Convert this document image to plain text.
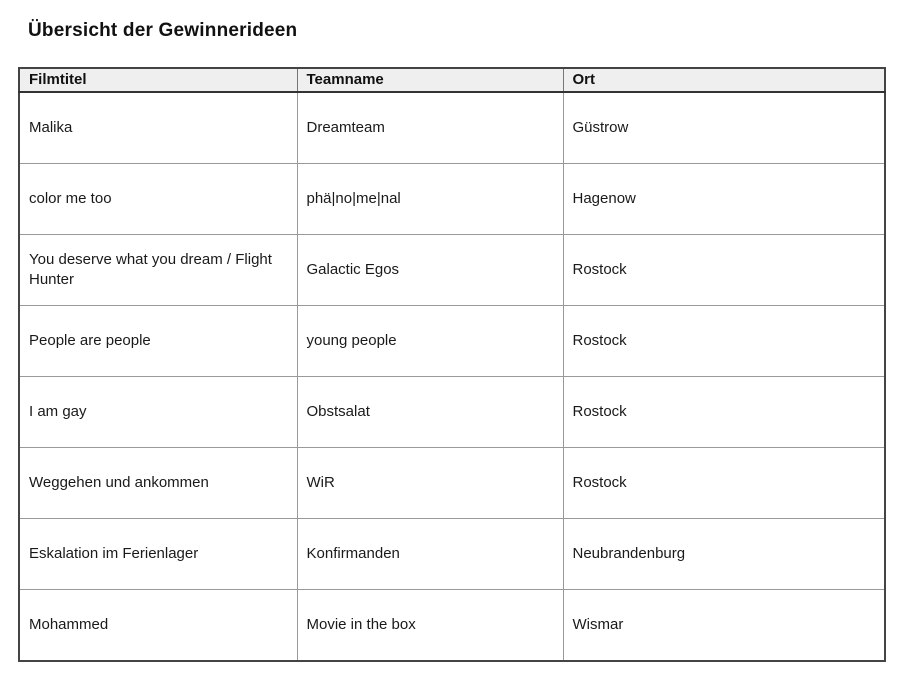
Übersicht der Gewinnerideen
Filmtitel	Teamname	Ort
Malika	Dreamteam	Güstrow
color me too	phä|no|me|nal	Hagenow
You deserve what you dream / Flight Hunter	Galactic Egos	Rostock
People are people	young people	Rostock
I am gay	Obstsalat	Rostock
Weggehen und ankommen	WiR	Rostock
Eskalation im Ferienlager	Konfirmanden	Neubrandenburg
Mohammed	Movie in the box	Wismar
